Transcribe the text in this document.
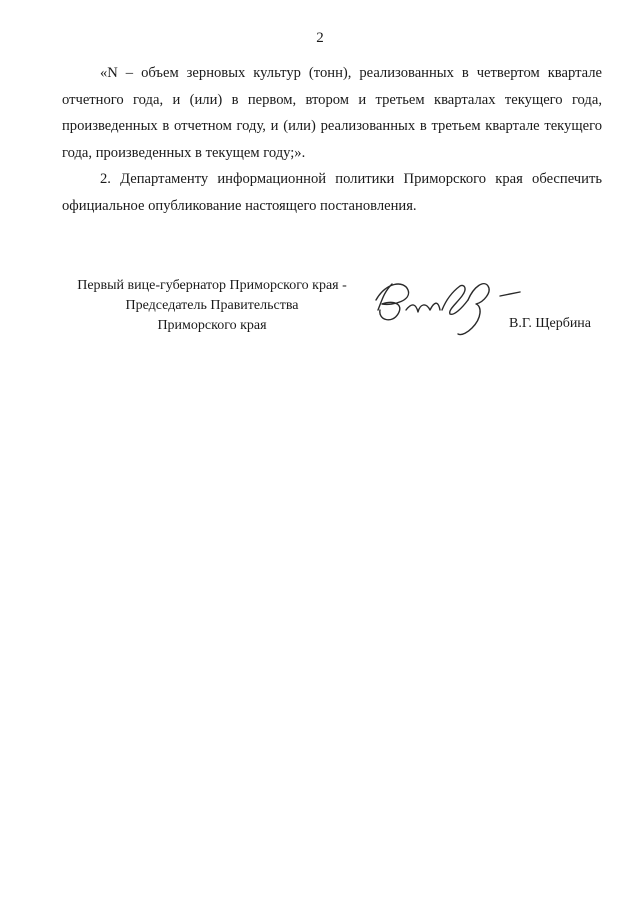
2

«N – объем зерновых культур (тонн), реализованных в четвертом квартале отчетного года, и (или) в первом, втором и третьем кварталах текущего года, произведенных в отчетном году, и (или) реализованных в третьем квартале текущего года, произведенных в текущем году;».

2. Департаменту информационной политики Приморского края обеспечить официальное опубликование настоящего постановления.

Первый вице-губернатор Приморского края -
Председатель Правительства
Приморского края	В.Г. Щербина
